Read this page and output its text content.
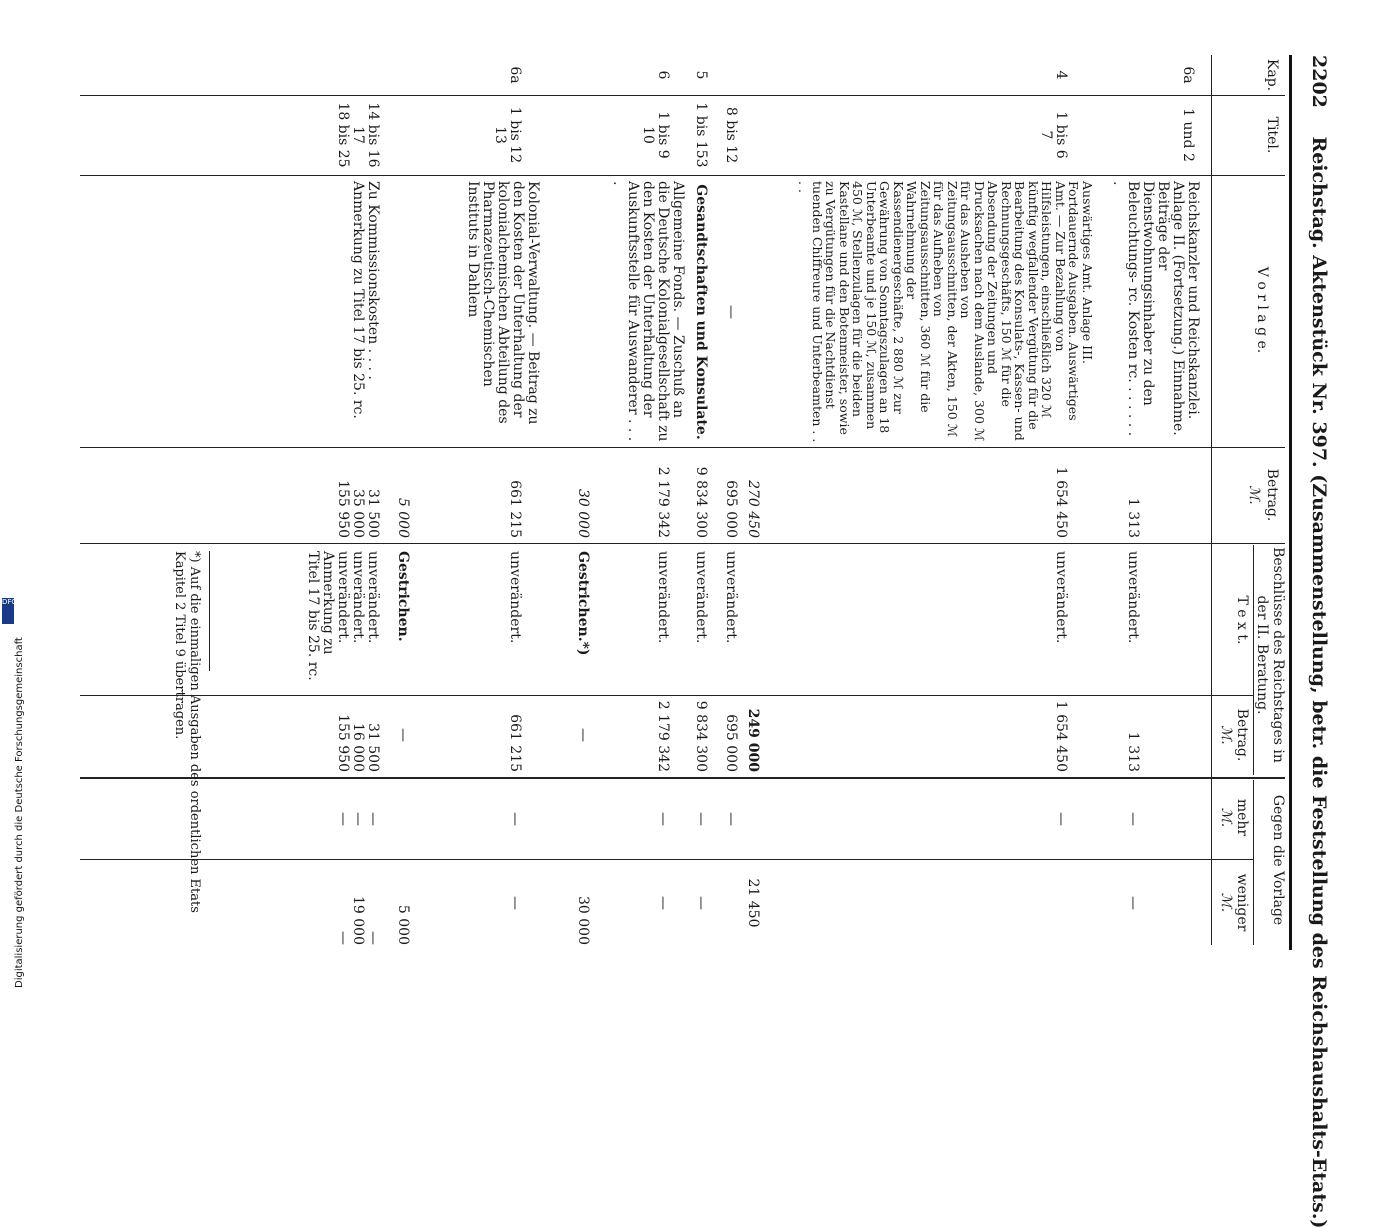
DFG
Digitalisierung gefördert durch die Deutsche Forschungsgemeinschaft
2202 Reichstag. Aktenstück Nr. 397. (Zusammenstellung, betr. die Feststellung des Reichshaushalts-Etats.)
Kap.
Titel.
V o r l a g e.
Betrag.
ℳ.
Beschlüsse des Reichstages in der II. Beratung.
T e x t.
Betrag.
ℳ.
Gegen die Vorlage
mehr
ℳ.
weniger
ℳ.
6a
1 und 2
Reichskanzler und Reichskanzlei. Anlage II. (Fortsetzung.) Einnahme. Beiträge der Dienstwohnungsinhaber zu den Beleuchtungs- rc. Kosten rc. . . . . . . .
1 313
unverändert.
1 313
—
—
4
1 bis 6
7
Auswärtiges Amt. Anlage III. Fortdauernde Ausgaben. Auswärtiges Amt. — Zur Bezahlung von Hilfsleistungen, einschließlich 320 ℳ künftig wegfallender Vergütung für die Bearbeitung des Konsulats-, Kassen- und Rechnungsgeschäfts, 150 ℳ für die Absendung der Zeitungen und Drucksachen nach dem Auslande, 300 ℳ für das Ausheben von Zeitungsausschnitten, der Akten, 150 ℳ für das Aufheben von Zeitungsausschnitten, 360 ℳ für die Wahrnehmung der Kassendienergeschäfte, 2 880 ℳ zur Gewährung von Sonntagszulagen an 18 Unterbeamte und je 150 ℳ, zusammen 450 ℳ, Stellenzulagen für die beiden Kastellane und den Botenmeister, sowie zu Vergütungen für die Nachtdienst tuenden Chiffreure und Unterbeamten . . . .
1 654 450
270 450
unverändert.
1 654 450
249 000
—
21 450
8 bis 12
—
695 000
unverändert.
695 000
—
5
1 bis 153
Gesandtschaften und Konsulate.
9 834 300
unverändert.
9 834 300
—
—
6
1 bis 9
10
Allgemeine Fonds. — Zuschuß an die Deutsche Kolonialgesellschaft zu den Kosten der Unterhaltung der Auskunftsstelle für Auswanderer . . . .
2 179 342
30 000
unverändert.
Gestrichen.*)
2 179 342
—
—
—
30 000
6a
1 bis 12
13
Kolonial-Verwaltung. — Beitrag zu den Kosten der Unterhaltung der kolonialchemischen Abteilung des Pharmazeutisch-Chemischen Instituts in Dahlem
661 215
5 000
unverändert.
Gestrichen.
661 215
—
—
—
5 000
14 bis 16
17
18 bis 25
Zu Kommissionskosten . . . . Anmerkung zu Titel 17 bis 25. rc.
31 500
35 000
155 950
unverändert.
unverändert.
unverändert. Anmerkung zu Titel 17 bis 25. rc.
31 500
16 000
155 950
—
—
—
—
19 000
—
*) Auf die einmaligen Ausgaben des ordentlichen Etats Kapitel 2 Titel 9 übertragen.
